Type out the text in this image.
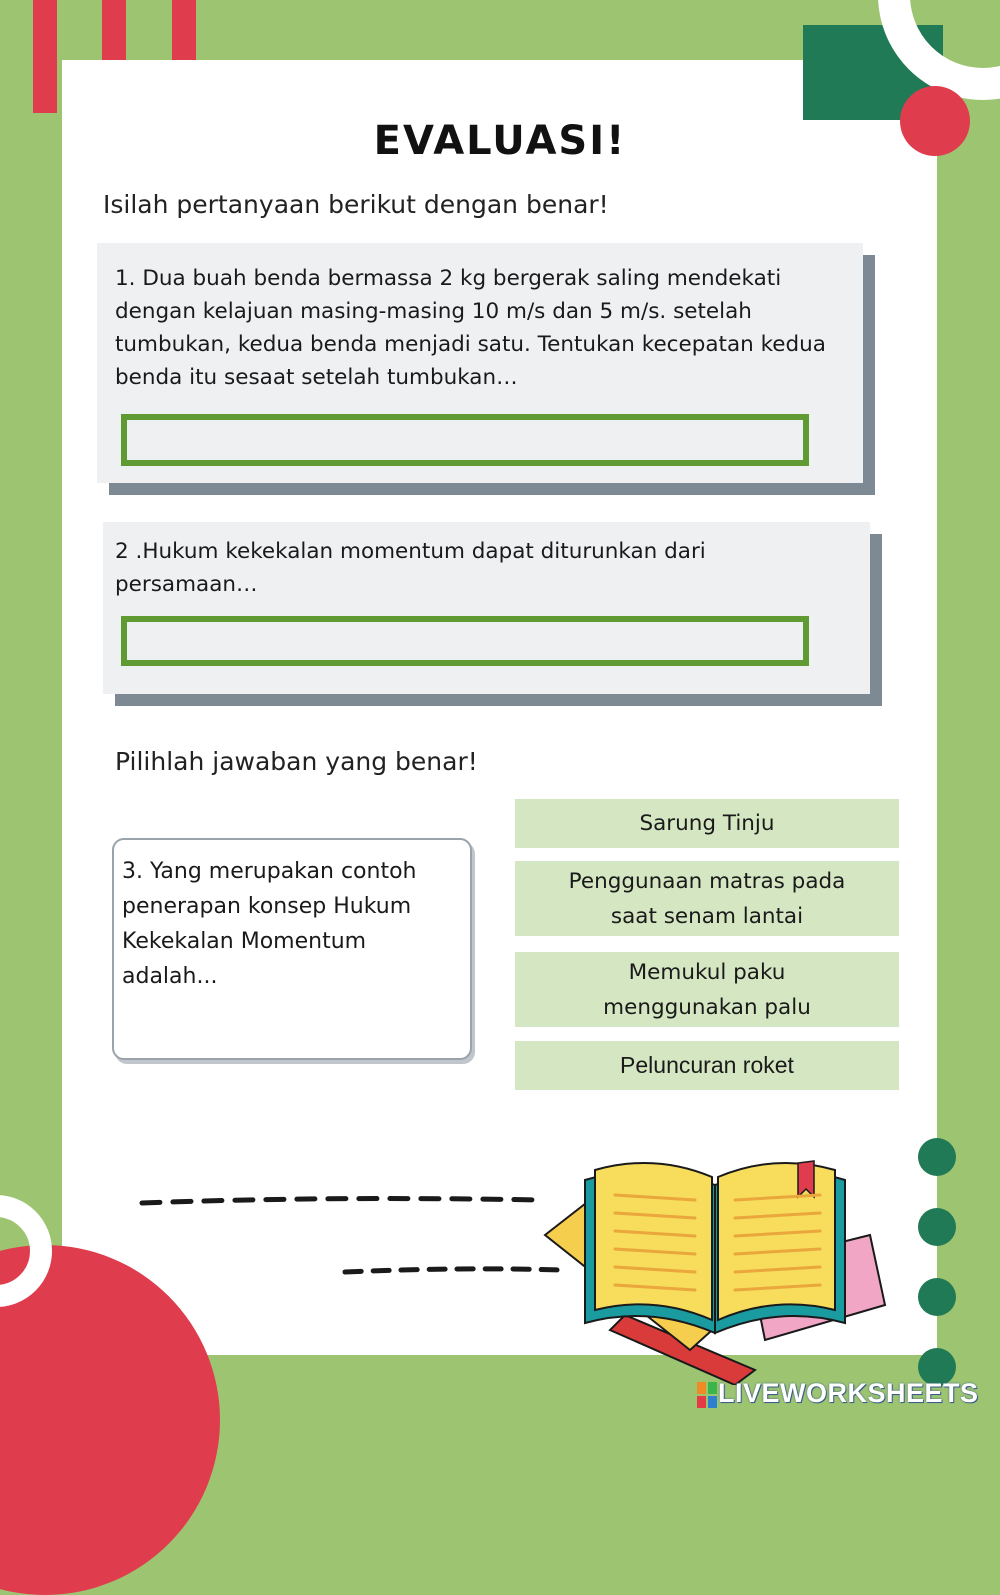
EVALUASI!
Isilah pertanyaan berikut dengan benar!
1. Dua buah benda bermassa 2 kg bergerak saling mendekati dengan kelajuan masing-masing 10 m/s dan 5 m/s. setelah tumbukan, kedua benda menjadi satu. Tentukan kecepatan kedua benda itu sesaat setelah tumbukan…
2 .Hukum kekekalan momentum dapat diturunkan dari persamaan…
Pilihlah jawaban yang benar!
3. Yang merupakan contoh penerapan konsep Hukum Kekekalan Momentum adalah...
Sarung Tinju
Penggunaan matras pada saat senam lantai
Memukul paku menggunakan palu
Peluncuran roket
LIVEWORKSHEETS
